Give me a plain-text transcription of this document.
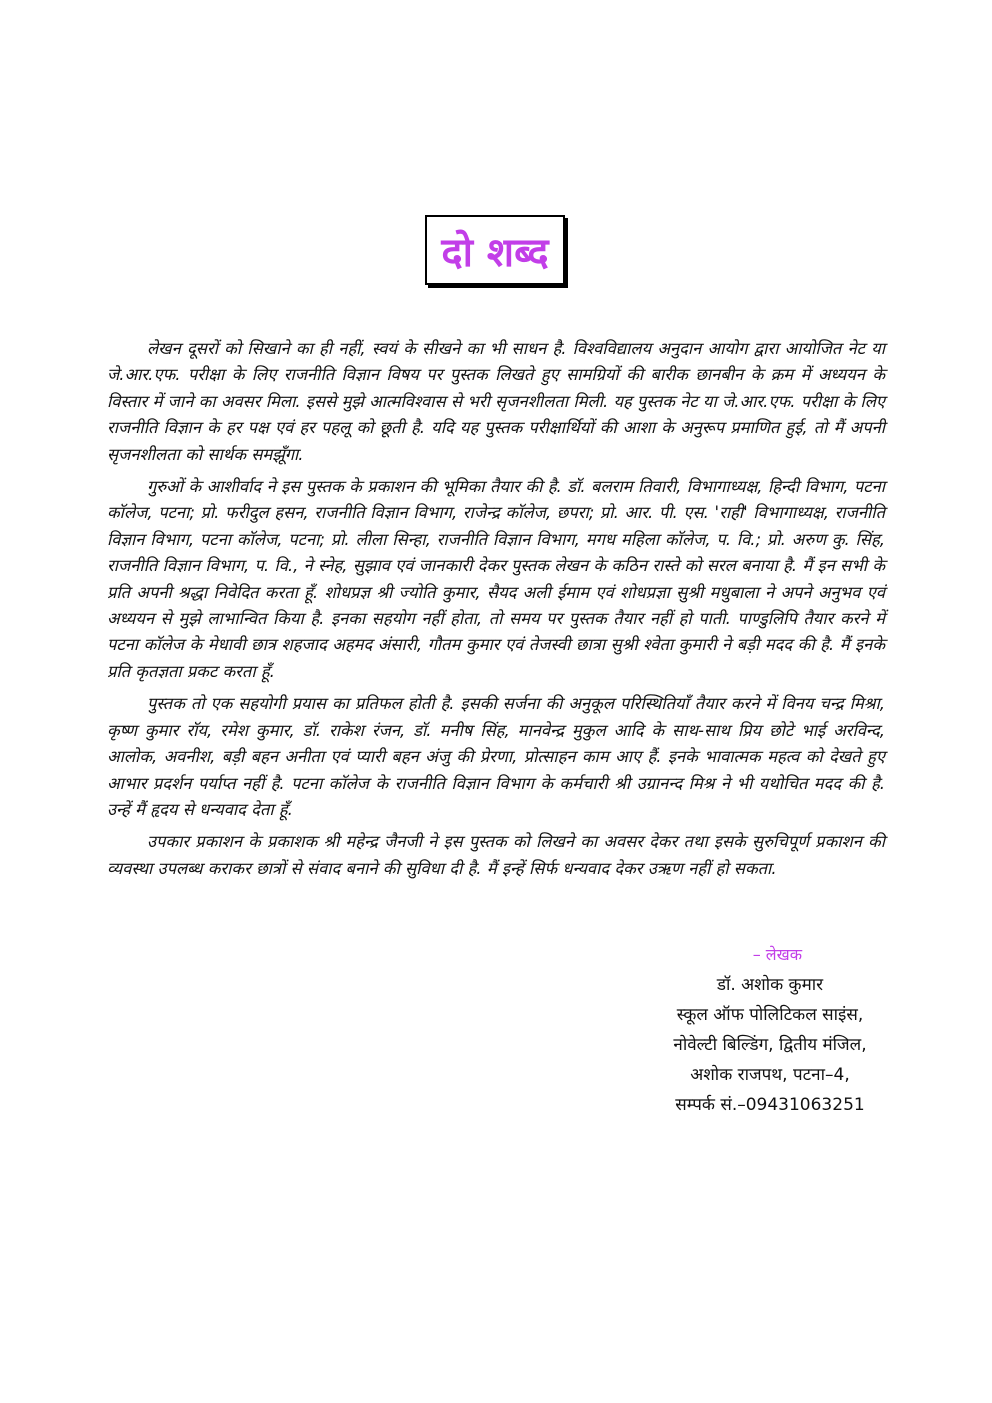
दो शब्द

लेखन दूसरों को सिखाने का ही नहीं, स्वयं के सीखने का भी साधन है. विश्वविद्यालय अनुदान आयोग द्वारा आयोजित नेट या जे.आर.एफ. परीक्षा के लिए राजनीति विज्ञान विषय पर पुस्तक लिखते हुए सामग्रियों की बारीक छानबीन के क्रम में अध्ययन के विस्तार में जाने का अवसर मिला. इससे मुझे आत्मविश्वास से भरी सृजनशीलता मिली. यह पुस्तक नेट या जे.आर.एफ. परीक्षा के लिए राजनीति विज्ञान के हर पक्ष एवं हर पहलू को छूती है. यदि यह पुस्तक परीक्षार्थियों की आशा के अनुरूप प्रमाणित हुई, तो मैं अपनी सृजनशीलता को सार्थक समझूँगा.

गुरुओं के आशीर्वाद ने इस पुस्तक के प्रकाशन की भूमिका तैयार की है. डॉ. बलराम तिवारी, विभागाध्यक्ष, हिन्दी विभाग, पटना कॉलेज, पटना; प्रो. फरीदुल हसन, राजनीति विज्ञान विभाग, राजेन्द्र कॉलेज, छपरा; प्रो. आर. पी. एस. 'राही' विभागाध्यक्ष, राजनीति विज्ञान विभाग, पटना कॉलेज, पटना; प्रो. लीला सिन्हा, राजनीति विज्ञान विभाग, मगध महिला कॉलेज, प. वि.; प्रो. अरुण कु. सिंह, राजनीति विज्ञान विभाग, प. वि., ने स्नेह, सुझाव एवं जानकारी देकर पुस्तक लेखन के कठिन रास्ते को सरल बनाया है. मैं इन सभी के प्रति अपनी श्रद्धा निवेदित करता हूँ. शोधप्रज्ञ श्री ज्योति कुमार, सैयद अली ईमाम एवं शोधप्रज्ञा सुश्री मधुबाला ने अपने अनुभव एवं अध्ययन से मुझे लाभान्वित किया है. इनका सहयोग नहीं होता, तो समय पर पुस्तक तैयार नहीं हो पाती. पाण्डुलिपि तैयार करने में पटना कॉलेज के मेधावी छात्र शहजाद अहमद अंसारी, गौतम कुमार एवं तेजस्वी छात्रा सुश्री श्वेता कुमारी ने बड़ी मदद की है. मैं इनके प्रति कृतज्ञता प्रकट करता हूँ.

पुस्तक तो एक सहयोगी प्रयास का प्रतिफल होती है. इसकी सर्जना की अनुकूल परिस्थितियाँ तैयार करने में विनय चन्द्र मिश्रा, कृष्ण कुमार रॉय, रमेश कुमार, डॉ. राकेश रंजन, डॉ. मनीष सिंह, मानवेन्द्र मुकुल आदि के साथ-साथ प्रिय छोटे भाई अरविन्द, आलोक, अवनीश, बड़ी बहन अनीता एवं प्यारी बहन अंजु की प्रेरणा, प्रोत्साहन काम आए हैं. इनके भावात्मक महत्व को देखते हुए आभार प्रदर्शन पर्याप्त नहीं है. पटना कॉलेज के राजनीति विज्ञान विभाग के कर्मचारी श्री उग्रानन्द मिश्र ने भी यथोचित मदद की है. उन्हें मैं हृदय से धन्यवाद देता हूँ.

उपकार प्रकाशन के प्रकाशक श्री महेन्द्र जैनजी ने इस पुस्तक को लिखने का अवसर देकर तथा इसके सुरुचिपूर्ण प्रकाशन की व्यवस्था उपलब्ध कराकर छात्रों से संवाद बनाने की सुविधा दी है. मैं इन्हें सिर्फ धन्यवाद देकर उऋण नहीं हो सकता.

– लेखक
डॉ. अशोक कुमार
स्कूल ऑफ पोलिटिकल साइंस,
नोवेल्टी बिल्डिंग, द्वितीय मंजिल,
अशोक राजपथ, पटना–4,
सम्पर्क सं.–09431063251
